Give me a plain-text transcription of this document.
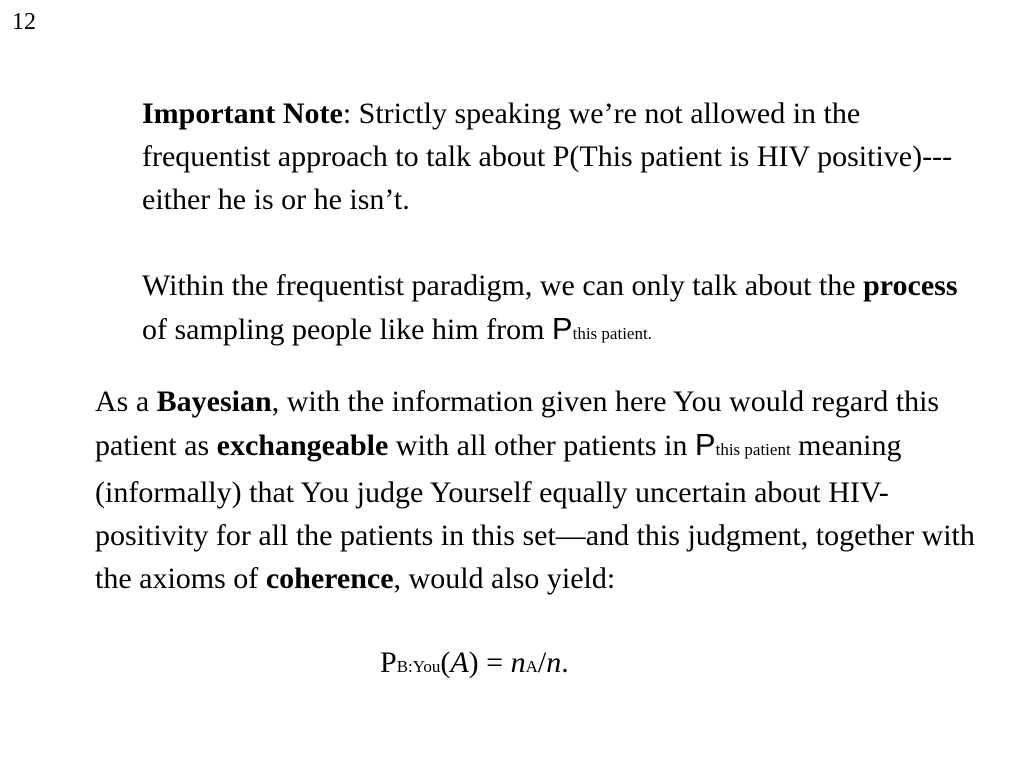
12

Important Note: Strictly speaking we’re not allowed in the frequentist approach to talk about P(This patient is HIV positive)---either he is or he isn’t.

Within the frequentist paradigm, we can only talk about the process of sampling people like him from Pthis patient.

As a Bayesian, with the information given here You would regard this patient as exchangeable with all other patients in Pthis patient meaning (informally) that You judge Yourself equally uncertain about HIV-positivity for all the patients in this set—and this judgment, together with the axioms of coherence, would also yield:

PB:You(A) = nA/n.
